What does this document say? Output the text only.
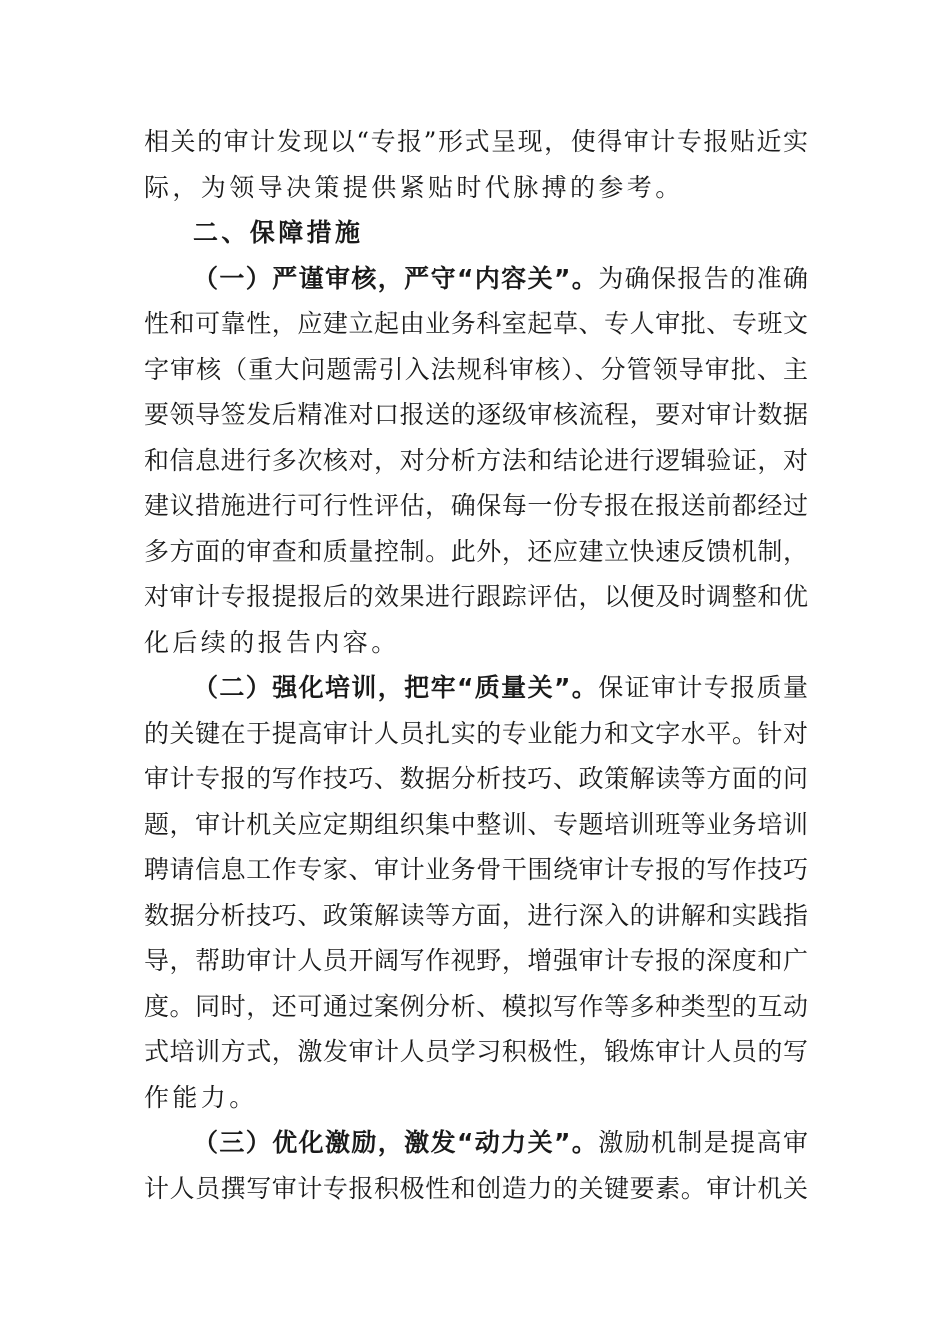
相关的审计发现以“专报”形式呈现，使得审计专报贴近实
际，为领导决策提供紧贴时代脉搏的参考。
二、保障措施
（一）严谨审核，严守“内容关”。为确保报告的准确
性和可靠性，应建立起由业务科室起草、专人审批、专班文
字审核（重大问题需引入法规科审核）、分管领导审批、主
要领导签发后精准对口报送的逐级审核流程，要对审计数据
和信息进行多次核对，对分析方法和结论进行逻辑验证，对
建议措施进行可行性评估，确保每一份专报在报送前都经过
多方面的审查和质量控制。此外，还应建立快速反馈机制，
对审计专报提报后的效果进行跟踪评估，以便及时调整和优
化后续的报告内容。
（二）强化培训，把牢“质量关”。保证审计专报质量
的关键在于提高审计人员扎实的专业能力和文字水平。针对
审计专报的写作技巧、数据分析技巧、政策解读等方面的问
题，审计机关应定期组织集中整训、专题培训班等业务培训
聘请信息工作专家、审计业务骨干围绕审计专报的写作技巧
数据分析技巧、政策解读等方面，进行深入的讲解和实践指
导，帮助审计人员开阔写作视野，增强审计专报的深度和广
度。同时，还可通过案例分析、模拟写作等多种类型的互动
式培训方式，激发审计人员学习积极性，锻炼审计人员的写
作能力。
（三）优化激励，激发“动力关”。激励机制是提高审
计人员撰写审计专报积极性和创造力的关键要素。审计机关
